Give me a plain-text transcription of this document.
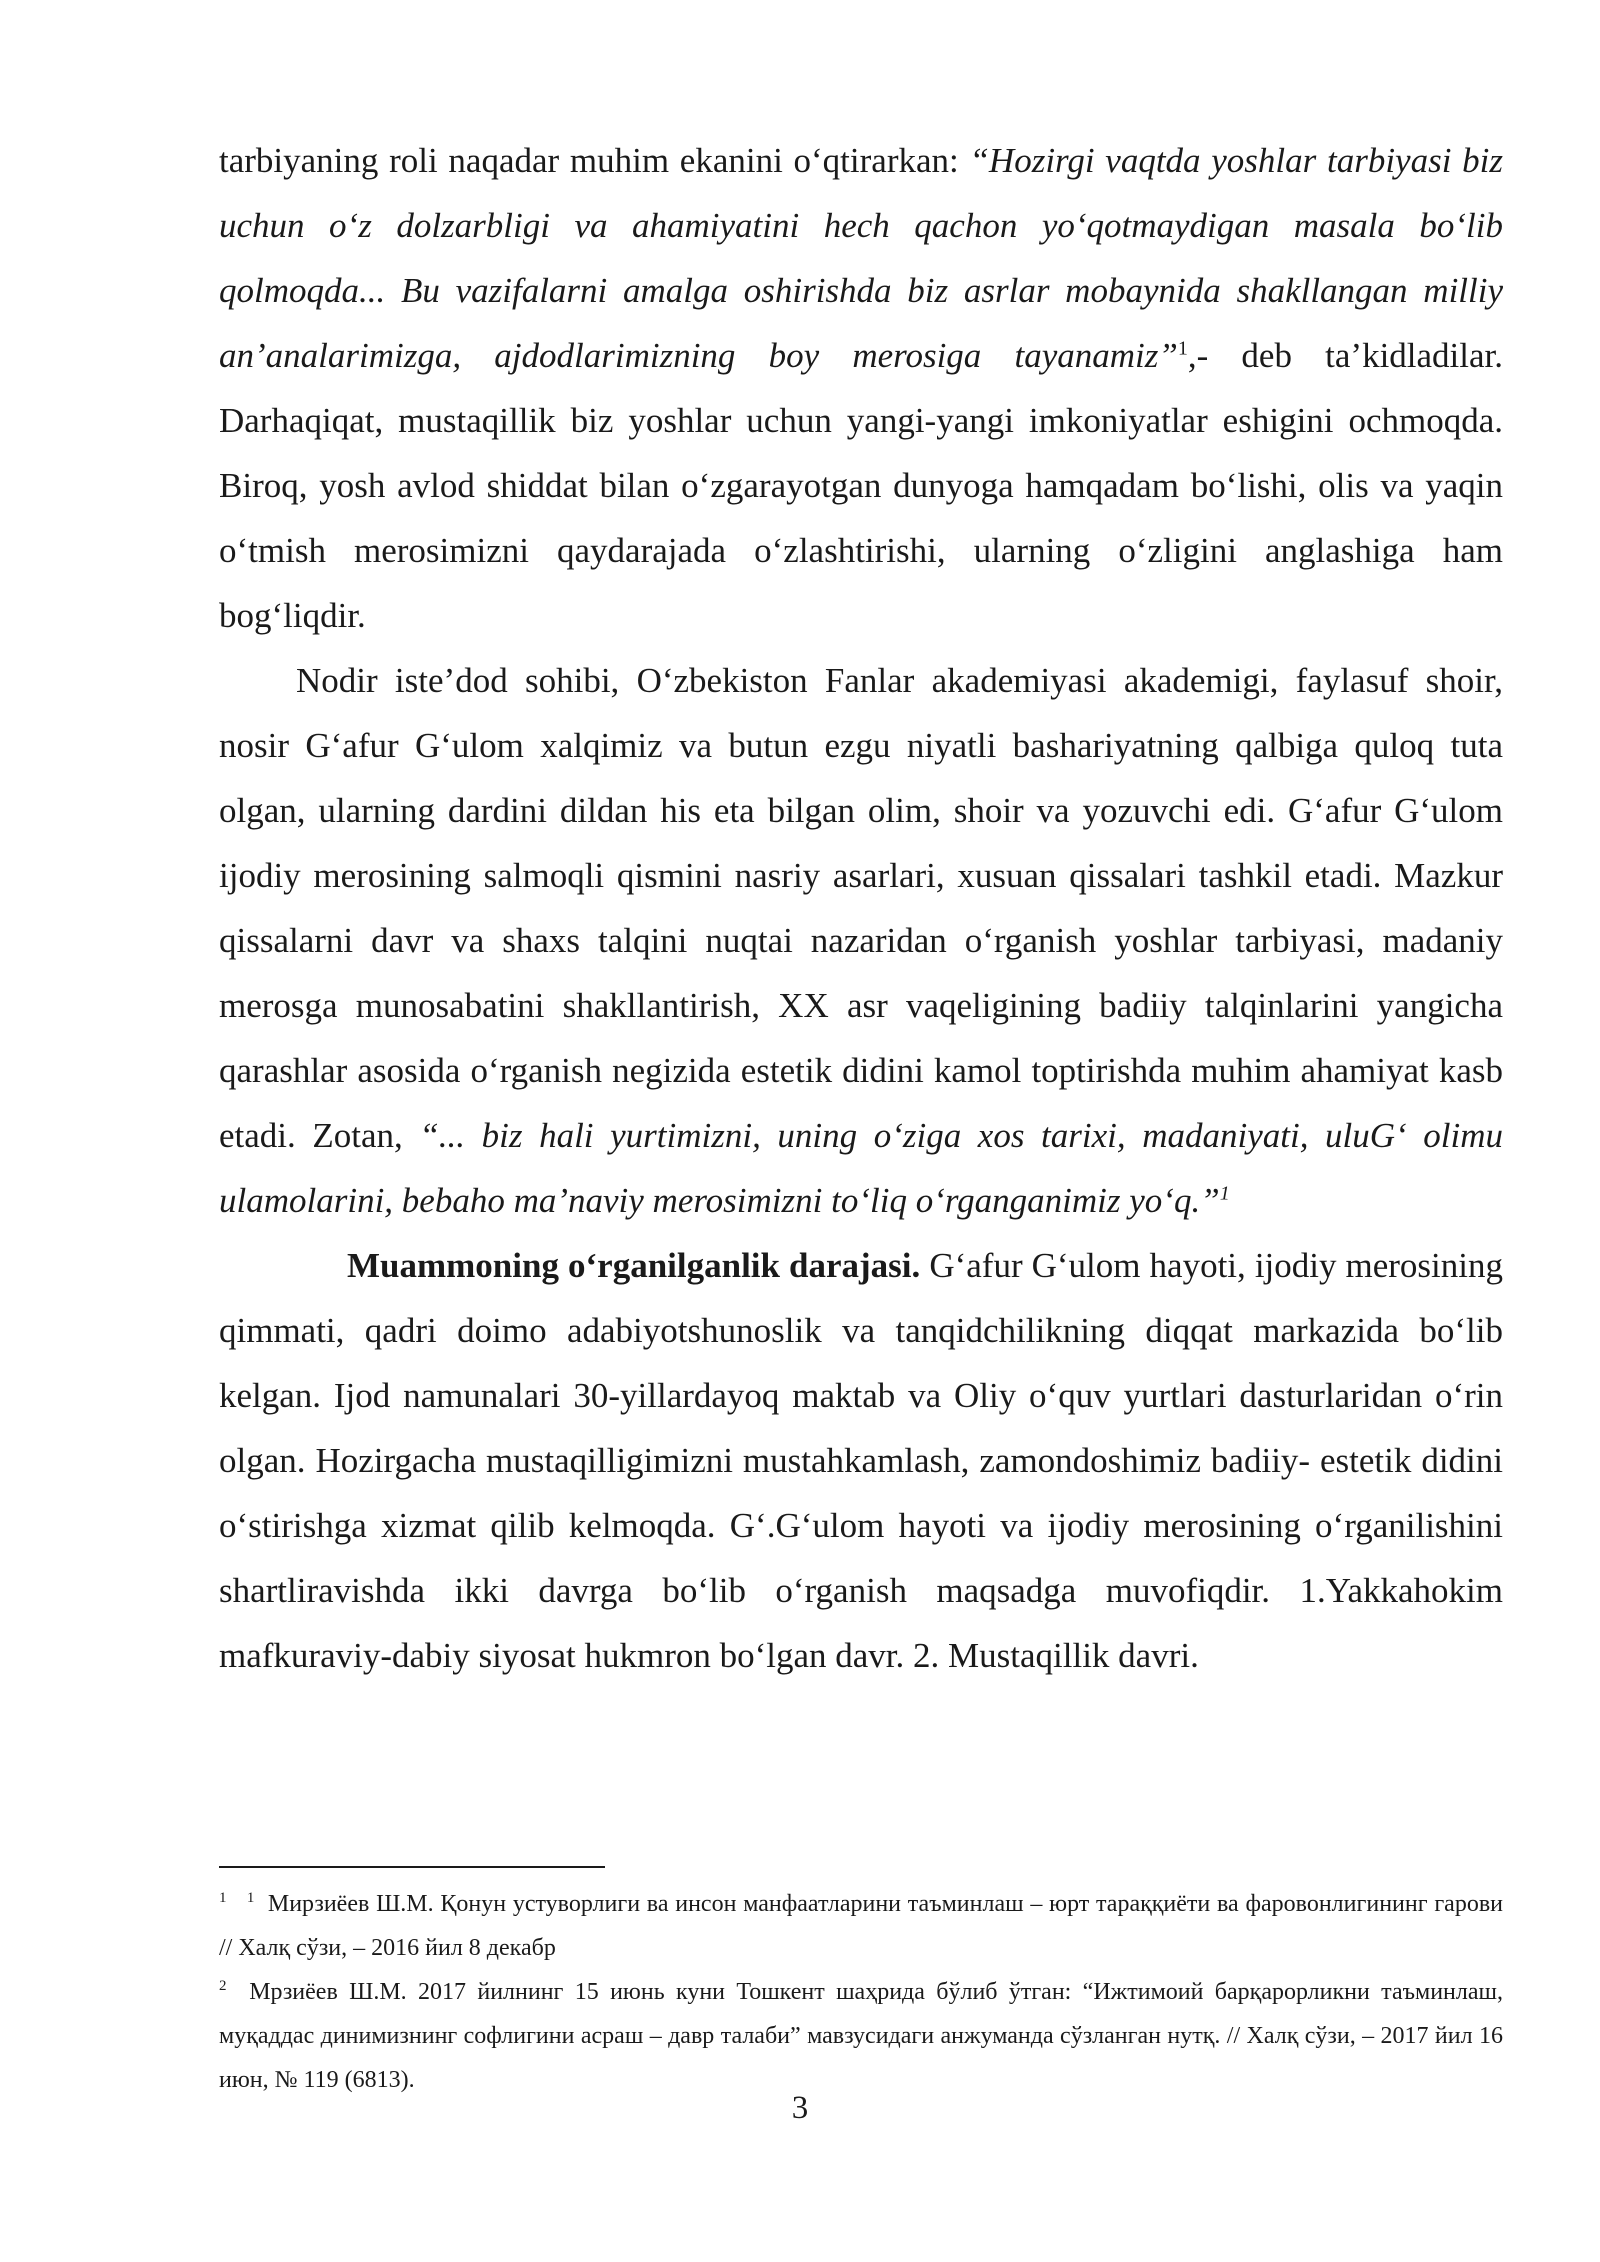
tarbiyaning roli naqadar muhim ekanini o‘qtirarkan: “Hozirgi vaqtda yoshlar tarbiyasi biz uchun o‘z dolzarbligi va ahamiyatini hech qachon yo‘qotmaydigan masala bo‘lib qolmoqda... Bu vazifalarni amalga oshirishda biz asrlar mobaynida shakllangan milliy an’analarimizga, ajdodlarimizning boy merosiga tayanamiz”$^1$,- deb ta’kidladilar. Darhaqiqat, mustaqillik biz yoshlar uchun yangi-yangi imkoniyatlar eshigini ochmoqda. Biroq, yosh avlod shiddat bilan o‘zgarayotgan dunyoga hamqadam bo‘lishi, olis va yaqin o‘tmish merosimizni qaydarajada o‘zlashtirishi, ularning o‘zligini anglashiga ham bog‘liqdir.

Nodir iste’dod sohibi, O‘zbekiston Fanlar akademiyasi akademigi, faylasuf shoir, nosir G‘afur G‘ulom xalqimiz va butun ezgu niyatli bashariyatning qalbiga quloq tuta olgan, ularning dardini dildan his eta bilgan olim, shoir va yozuvchi edi. G‘afur G‘ulom ijodiy merosining salmoqli qismini nasriy asarlari, xusuan qissalari tashkil etadi. Mazkur qissalarni davr va shaxs talqini nuqtai nazaridan o‘rganish yoshlar tarbiyasi, madaniy merosga munosabatini shakllantirish, XX asr vaqeligining badiiy talqinlarini yangicha qarashlar asosida o‘rganish negizida estetik didini kamol toptirishda muhim ahamiyat kasb etadi. Zotan, “... biz hali yurtimizni, uning o‘ziga xos tarixi, madaniyati, uluG‘ olimu ulamolarini, bebaho ma’naviy merosimizni to‘liq o‘rganganimiz yo‘q.”$^1$

Muammoning o‘rganilganlik darajasi. G‘afur G‘ulom hayoti, ijodiy merosining qimmati, qadri doimo adabiyotshunoslik va tanqidchilikning diqqat markazida bo‘lib kelgan. Ijod namunalari 30-yillardayoq maktab va Oliy o‘quv yurtlari dasturlaridan o‘rin olgan. Hozirgacha mustaqilligimizni mustahkamlash, zamondoshimiz badiiy- estetik didini o‘stirishga xizmat qilib kelmoqda. G‘.G‘ulom hayoti va ijodiy merosining o‘rganilishini shartliravishda ikki davrga bo‘lib o‘rganish maqsadga muvofiqdir. 1.Yakkahokim mafkuraviy-dabiy siyosat hukmron bo‘lgan davr. 2. Mustaqillik davri.

$^1$ $^1$ Мирзиёев Ш.М. Қонун устуворлиги ва инсон манфаатларини таъминлаш – юрт тараққиёти ва фаровонлигининг гарови // Халқ сўзи, – 2016 йил 8 декабр

$^2$ Мрзиёев Ш.М. 2017 йилнинг 15 июнь куни Тошкент шаҳрида бўлиб ўтган: “Ижтимоий барқарорликни таъминлаш, муқаддас динимизнинг софлигини асраш – давр талаби” мавзусидаги анжуманда сўзланган нутқ. // Халқ сўзи, – 2017 йил 16 июн, № 119 (6813).

3
